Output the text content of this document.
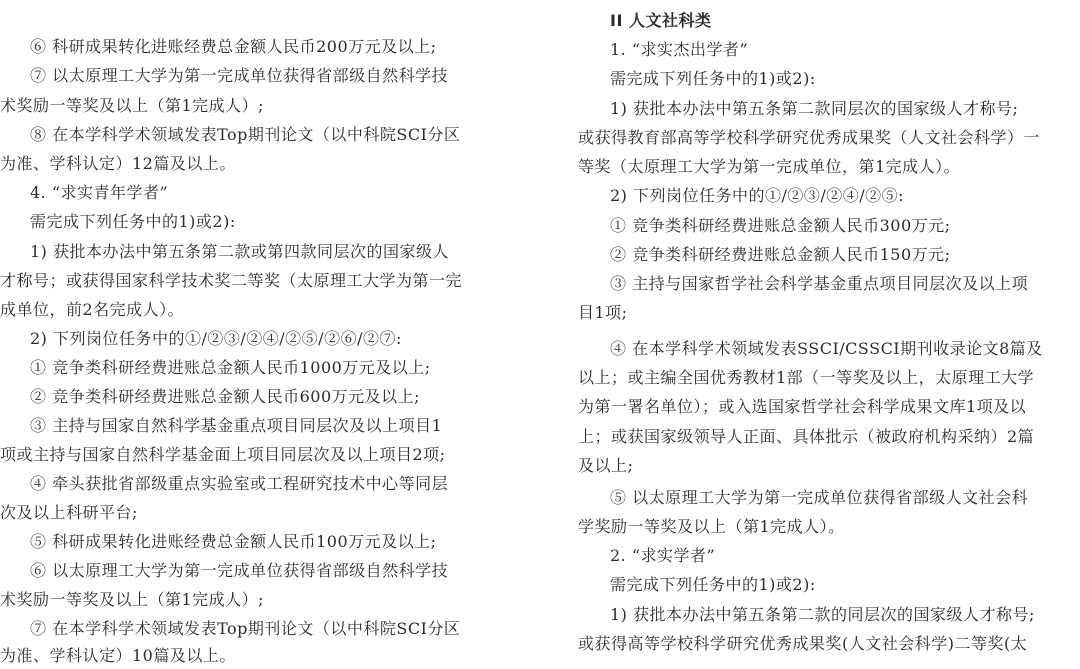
⑥ 科研成果转化进账经费总金额人民币200万元及以上;
⑦ 以太原理工大学为第一完成单位获得省部级自然科学技
术奖励一等奖及以上（第1完成人）;
⑧ 在本学科学术领域发表Top期刊论文（以中科院SCI分区
为准、学科认定）12篇及以上。
4. “求实青年学者”
需完成下列任务中的1)或2):
1) 获批本办法中第五条第二款或第四款同层次的国家级人
才称号；或获得国家科学技术奖二等奖（太原理工大学为第一完
成单位，前2名完成人）。
2) 下列岗位任务中的①/②③/②④/②⑤/②⑥/②⑦:
① 竞争类科研经费进账总金额人民币1000万元及以上;
② 竞争类科研经费进账总金额人民币600万元及以上;
③ 主持与国家自然科学基金重点项目同层次及以上项目1
项或主持与国家自然科学基金面上项目同层次及以上项目2项;
④ 牵头获批省部级重点实验室或工程研究技术中心等同层
次及以上科研平台;
⑤ 科研成果转化进账经费总金额人民币100万元及以上;
⑥ 以太原理工大学为第一完成单位获得省部级自然科学技
术奖励一等奖及以上（第1完成人）;
⑦ 在本学科学术领域发表Top期刊论文（以中科院SCI分区
为准、学科认定）10篇及以上。
II 人文社科类
1. “求实杰出学者”
需完成下列任务中的1)或2):
1) 获批本办法中第五条第二款同层次的国家级人才称号;
或获得教育部高等学校科学研究优秀成果奖（人文社会科学）一
等奖（太原理工大学为第一完成单位，第1完成人）。
2) 下列岗位任务中的①/②③/②④/②⑤:
① 竞争类科研经费进账总金额人民币300万元;
② 竞争类科研经费进账总金额人民币150万元;
③ 主持与国家哲学社会科学基金重点项目同层次及以上项
目1项;
④ 在本学科学术领域发表SSCI/CSSCI期刊收录论文8篇及
以上；或主编全国优秀教材1部（一等奖及以上，太原理工大学
为第一署名单位）；或入选国家哲学社会科学成果文库1项及以
上；或获国家级领导人正面、具体批示（被政府机构采纳）2篇
及以上;
⑤ 以太原理工大学为第一完成单位获得省部级人文社会科
学奖励一等奖及以上（第1完成人）。
2. “求实学者”
需完成下列任务中的1)或2):
1) 获批本办法中第五条第二款的同层次的国家级人才称号;
或获得高等学校科学研究优秀成果奖(人文社会科学)二等奖(太
